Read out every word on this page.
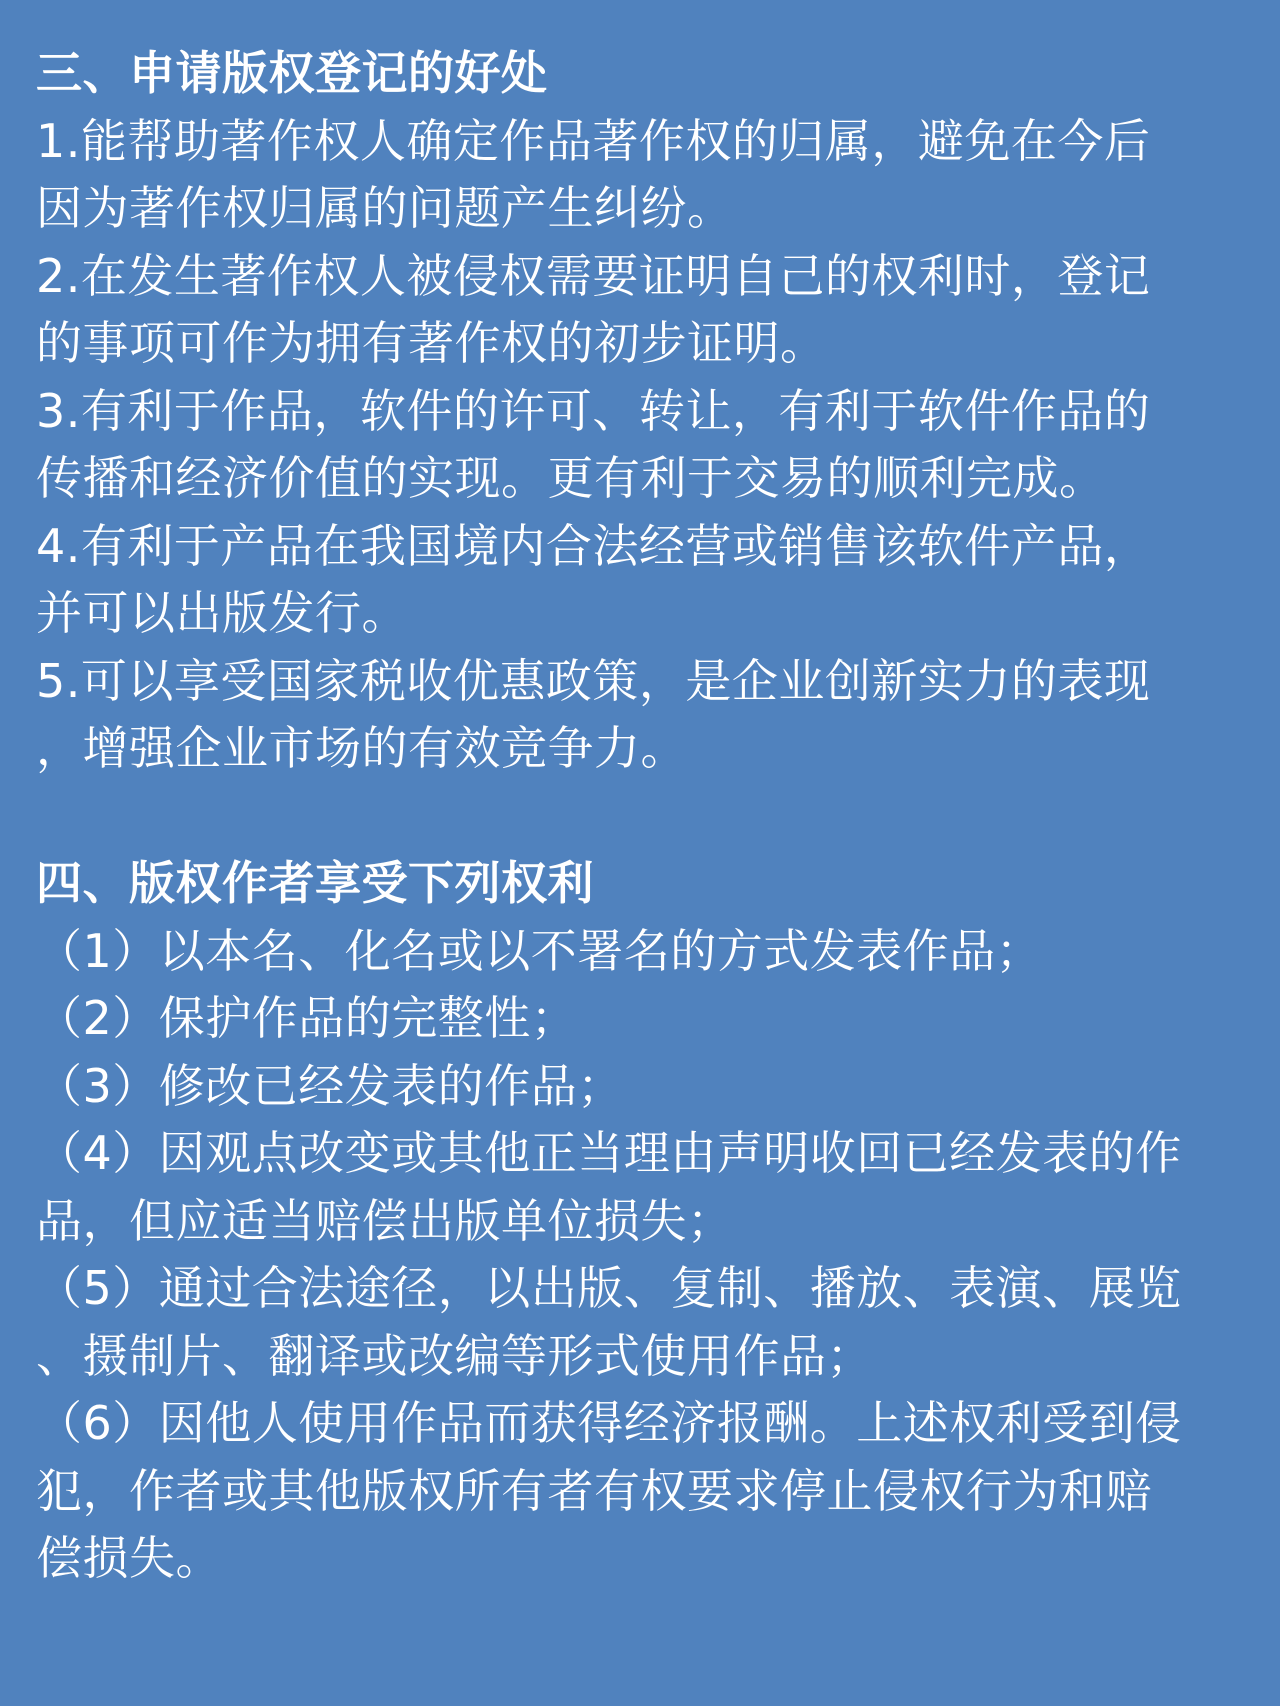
三、申请版权登记的好处
1.能帮助著作权人确定作品著作权的归属，避免在今后
因为著作权归属的问题产生纠纷。
2.在发生著作权人被侵权需要证明自己的权利时，登记
的事项可作为拥有著作权的初步证明。
3.有利于作品，软件的许可、转让，有利于软件作品的
传播和经济价值的实现。更有利于交易的顺利完成。
4.有利于产品在我国境内合法经营或销售该软件产品，
并可以出版发行。
5.可以享受国家税收优惠政策，是企业创新实力的表现
，增强企业市场的有效竞争力。
四、版权作者享受下列权利
（1）以本名、化名或以不署名的方式发表作品；
（2）保护作品的完整性；
（3）修改已经发表的作品；
（4）因观点改变或其他正当理由声明收回已经发表的作
品，但应适当赔偿出版单位损失；
（5）通过合法途径，以出版、复制、播放、表演、展览
、摄制片、翻译或改编等形式使用作品；
（6）因他人使用作品而获得经济报酬。上述权利受到侵
犯，作者或其他版权所有者有权要求停止侵权行为和赔
偿损失。
